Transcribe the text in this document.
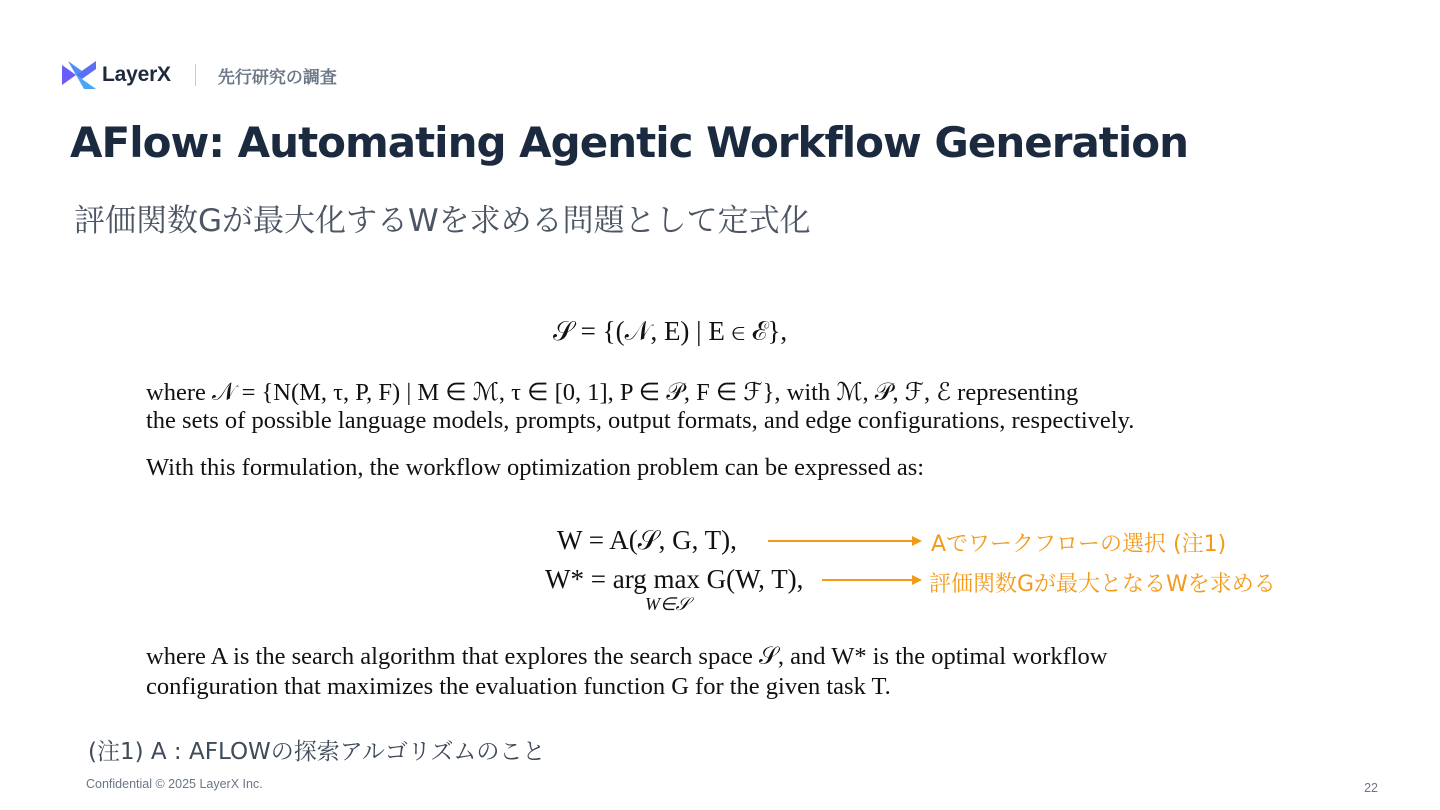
LayerX	先行研究の調査
AFlow: Automating Agentic Workflow Generation
評価関数Gが最大化するWを求める問題として定式化
𝒮 = {(𝒩, E) | E ∈ ℰ},
where 𝒩 = {N(M, τ, P, F) | M ∈ ℳ, τ ∈ [0, 1], P ∈ 𝒫, F ∈ ℱ}, with ℳ, 𝒫, ℱ, ℰ representing
the sets of possible language models, prompts, output formats, and edge configurations, respectively.
With this formulation, the workflow optimization problem can be expressed as:
W = A(𝒮, G, T),
W* = arg max G(W, T),
W∈𝒮
where A is the search algorithm that explores the search space 𝒮, and W* is the optimal workflow
configuration that maximizes the evaluation function G for the given task T.
Aでワークフローの選択 (注1)
評価関数Gが最大となるWを求める
(注1) A : AFLOWの探索アルゴリズムのこと
Confidential © 2025 LayerX Inc.	22
